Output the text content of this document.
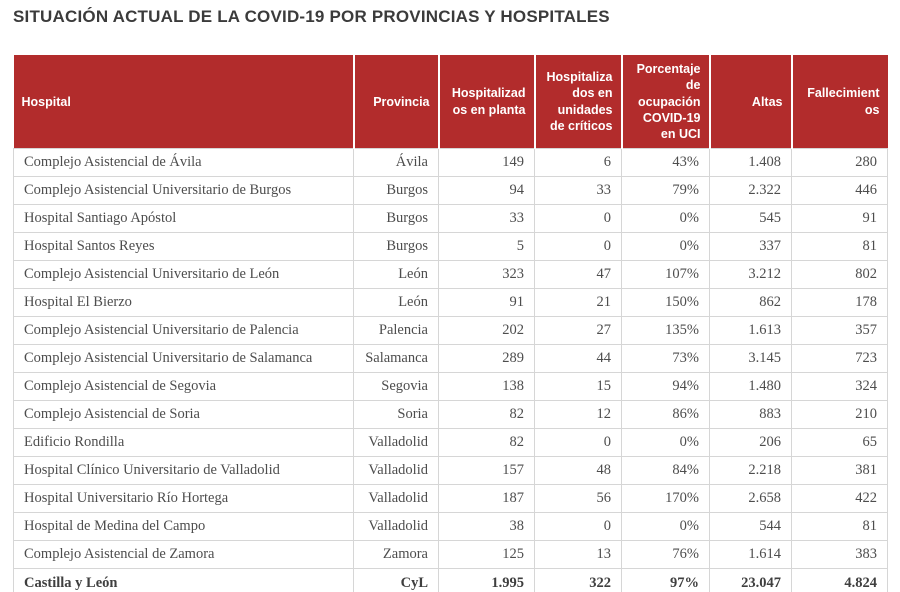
SITUACIÓN ACTUAL DE LA COVID-19 POR PROVINCIAS Y HOSPITALES
Hospital	Provincia	Hospitalizados en planta	Hospitalizados en unidades de críticos	Porcentaje de ocupación COVID-19 en UCI	Altas	Fallecimientos
Complejo Asistencial de Ávila	Ávila	149	6	43%	1.408	280
Complejo Asistencial Universitario de Burgos	Burgos	94	33	79%	2.322	446
Hospital Santiago Apóstol	Burgos	33	0	0%	545	91
Hospital Santos Reyes	Burgos	5	0	0%	337	81
Complejo Asistencial Universitario de León	León	323	47	107%	3.212	802
Hospital El Bierzo	León	91	21	150%	862	178
Complejo Asistencial Universitario de Palencia	Palencia	202	27	135%	1.613	357
Complejo Asistencial Universitario de Salamanca	Salamanca	289	44	73%	3.145	723
Complejo Asistencial de Segovia	Segovia	138	15	94%	1.480	324
Complejo Asistencial de Soria	Soria	82	12	86%	883	210
Edificio Rondilla	Valladolid	82	0	0%	206	65
Hospital Clínico Universitario de Valladolid	Valladolid	157	48	84%	2.218	381
Hospital Universitario Río Hortega	Valladolid	187	56	170%	2.658	422
Hospital de Medina del Campo	Valladolid	38	0	0%	544	81
Complejo Asistencial de Zamora	Zamora	125	13	76%	1.614	383
Castilla y León	CyL	1.995	322	97%	23.047	4.824
